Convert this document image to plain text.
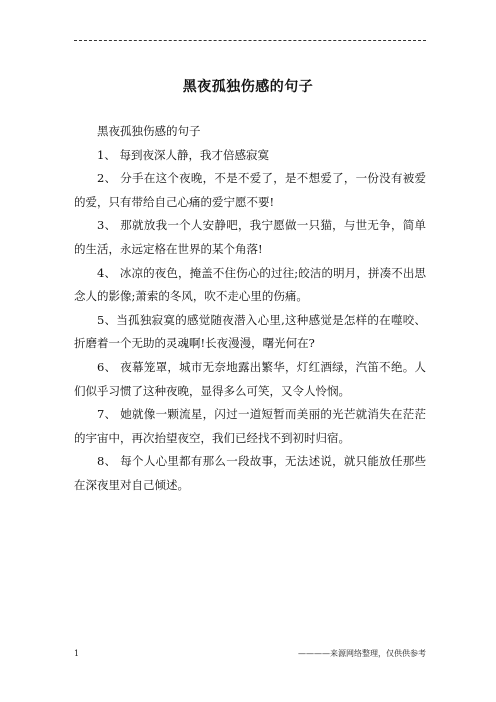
黑夜孤独伤感的句子

黑夜孤独伤感的句子

1、 每到夜深人静，我才倍感寂寞

2、 分手在这个夜晚，不是不爱了，是不想爱了，一份没有被爱的爱，只有带给自己心痛的爱宁愿不要!

3、 那就放我一个人安静吧，我宁愿做一只猫，与世无争，简单的生活，永远定格在世界的某个角落!

4、 冰凉的夜色，掩盖不住伤心的过往;皎洁的明月，拼凑不出思念人的影像;萧索的冬风，吹不走心里的伤痛。

5、当孤独寂寞的感觉随夜潜入心里,这种感觉是怎样的在噬咬、折磨着一个无助的灵魂啊!长夜漫漫，曙光何在?

6、 夜幕笼罩，城市无奈地露出繁华，灯红酒绿，汽笛不绝。人们似乎习惯了这种夜晚，显得多么可笑，又令人怜悯。

7、 她就像一颗流星，闪过一道短暂而美丽的光芒就消失在茫茫的宇宙中，再次抬望夜空，我们已经找不到初时归宿。

8、 每个人心里都有那么一段故事，无法述说，就只能放任那些在深夜里对自己倾述。

1	————来源网络整理，仅供供参考
